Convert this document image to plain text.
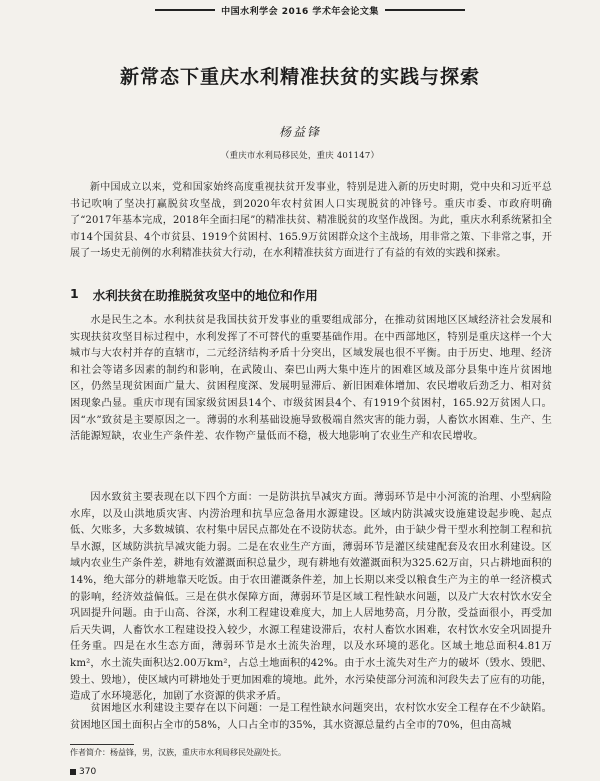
中国水利学会 2016 学术年会论文集
新常态下重庆水利精准扶贫的实践与探索
杨益锋
（重庆市水利局移民处，重庆 401147）

新中国成立以来，党和国家始终高度重视扶贫开发事业，特别是进入新的历史时期，党中央和习近平总书记吹响了坚决打赢脱贫攻坚战，到2020年农村贫困人口实现脱贫的冲锋号。重庆市委、市政府明确了“2017年基本完成，2018年全面扫尾”的精准扶贫、精准脱贫的攻坚作战图。为此，重庆水利系统紧扣全市14个国贫县、4个市贫县、1919个贫困村、165.9万贫困群众这个主战场，用非常之策、下非常之事，开展了一场史无前例的水利精准扶贫大行动，在水利精准扶贫方面进行了有益的有效的实践和探索。

1 水利扶贫在助推脱贫攻坚中的地位和作用

水是民生之本。水利扶贫是我国扶贫开发事业的重要组成部分，在推动贫困地区区域经济社会发展和实现扶贫攻坚目标过程中，水利发挥了不可替代的重要基础作用。在中西部地区，特别是重庆这样一个大城市与大农村并存的直辖市，二元经济结构矛盾十分突出，区域发展也很不平衡。由于历史、地理、经济和社会等诸多因素的制约和影响，在武陵山、秦巴山两大集中连片的困难区域及部分县集中连片贫困地区，仍然呈现贫困面广量大、贫困程度深、发展明显滞后、新旧困难体增加、农民增收后劲乏力、相对贫困现象凸显。重庆市现有国家级贫困县14个、市级贫困县4个、有1919个贫困村，165.92万贫困人口。因“水”致贫是主要原因之一。薄弱的水利基础设施导致极端自然灾害的能力弱，人畜饮水困难、生产、生活能源短缺，农业生产条件差、农作物产量低而不稳，极大地影响了农业生产和农民增收。

因水致贫主要表现在以下四个方面：一是防洪抗旱减灾方面。薄弱环节是中小河流的治理、小型病险水库，以及山洪地质灾害、内涝治理和抗旱应急备用水源建设。区域内防洪减灾设施建设起步晚、起点低、欠账多，大多数城镇、农村集中居民点都处在不设防状态。此外，由于缺少骨干型水利控制工程和抗旱水源，区域防洪抗旱减灾能力弱。二是在农业生产方面，薄弱环节是灌区续建配套及农田水利建设。区域内农业生产条件差，耕地有效灌溉面积总量少，现有耕地有效灌溉面积为325.62万亩，只占耕地面积的14%，绝大部分的耕地靠天吃饭。由于农田灌溉条件差，加上长期以来受以粮食生产为主的单一经济模式的影响，经济效益偏低。三是在供水保障方面，薄弱环节是区域工程性缺水问题，以及广大农村饮水安全巩固提升问题。由于山高、谷深，水利工程建设难度大，加上人居地势高，月分散，受益面很小，再受加后天失调，人畜饮水工程建设投入较少，水源工程建设滞后，农村人畜饮水困难，农村饮水安全巩固提升任务重。四是在水生态方面，薄弱环节是水土流失治理，以及水环境的恶化。区域土地总面积4.81万km²，水土流失面积达2.00万km²，占总土地面积的42%。由于水土流失对生产力的破坏（毁水、毁肥、毁土、毁地），使区域内可耕地处于更加困难的境地。此外，水污染使部分河流和河段失去了应有的功能，造成了水环境恶化，加剧了水资源的供求矛盾。

贫困地区水利建设主要存在以下问题：一是工程性缺水问题突出，农村饮水安全工程存在不少缺陷。贫困地区国土面积占全市的58%，人口占全市的35%，其水资源总量约占全市的70%，但由高城

作者简介：杨益锋，男，汉族，重庆市水利局移民处副处长。
370
